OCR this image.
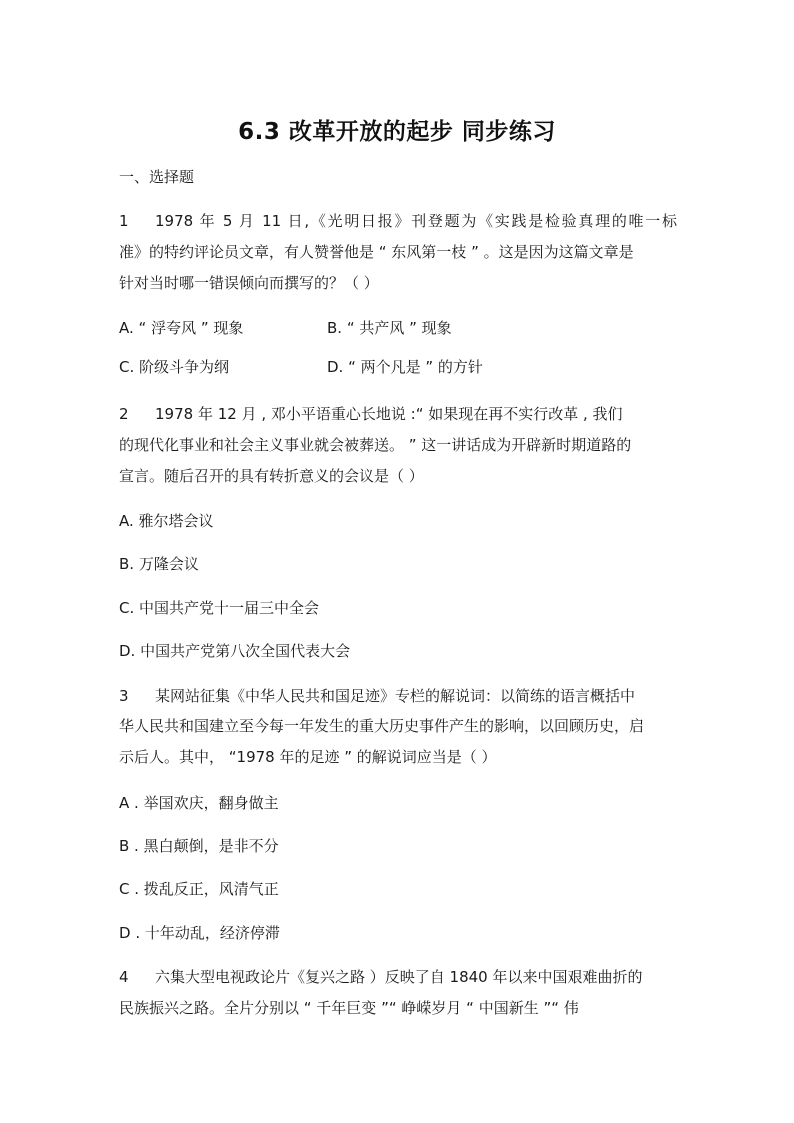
6.3 改革开放的起步 同步练习
一、选择题
1 1978 年 5 月 11 日,《光明日报》刊登题为《实践是检验真理的唯一标
准》的特约评论员文章，有人赞誉他是 “ 东风第一枝 ” 。这是因为这篇文章是
针对当时哪一错误倾向而撰写的？（ ）
A. “ 浮夸风 ” 现象	B. “ 共产风 ” 现象
C. 阶级斗争为纲	D. “ 两个凡是 ” 的方针
2 1978 年 12 月 , 邓小平语重心长地说 :“ 如果现在再不实行改革 , 我们
的现代化事业和社会主义事业就会被葬送。 ” 这一讲话成为开辟新时期道路的
宣言。随后召开的具有转折意义的会议是（ ）
A. 雅尔塔会议
B. 万隆会议
C. 中国共产党十一届三中全会
D. 中国共产党第八次全国代表大会
3 某网站征集《中华人民共和国足迹》专栏的解说词：以简练的语言概括中
华人民共和国建立至今每一年发生的重大历史事件产生的影响，以回顾历史，启
示后人。其中， “1978 年的足迹 ” 的解说词应当是（ ）
A . 举国欢庆，翻身做主
B . 黑白颠倒，是非不分
C . 拨乱反正，风清气正
D . 十年动乱，经济停滞
4 六集大型电视政论片《复兴之路 ）反映了自 1840 年以来中国艰难曲折的
民族振兴之路。全片分别以 “ 千年巨变 ”“ 峥嵘岁月 “ 中国新生 ”“ 伟
